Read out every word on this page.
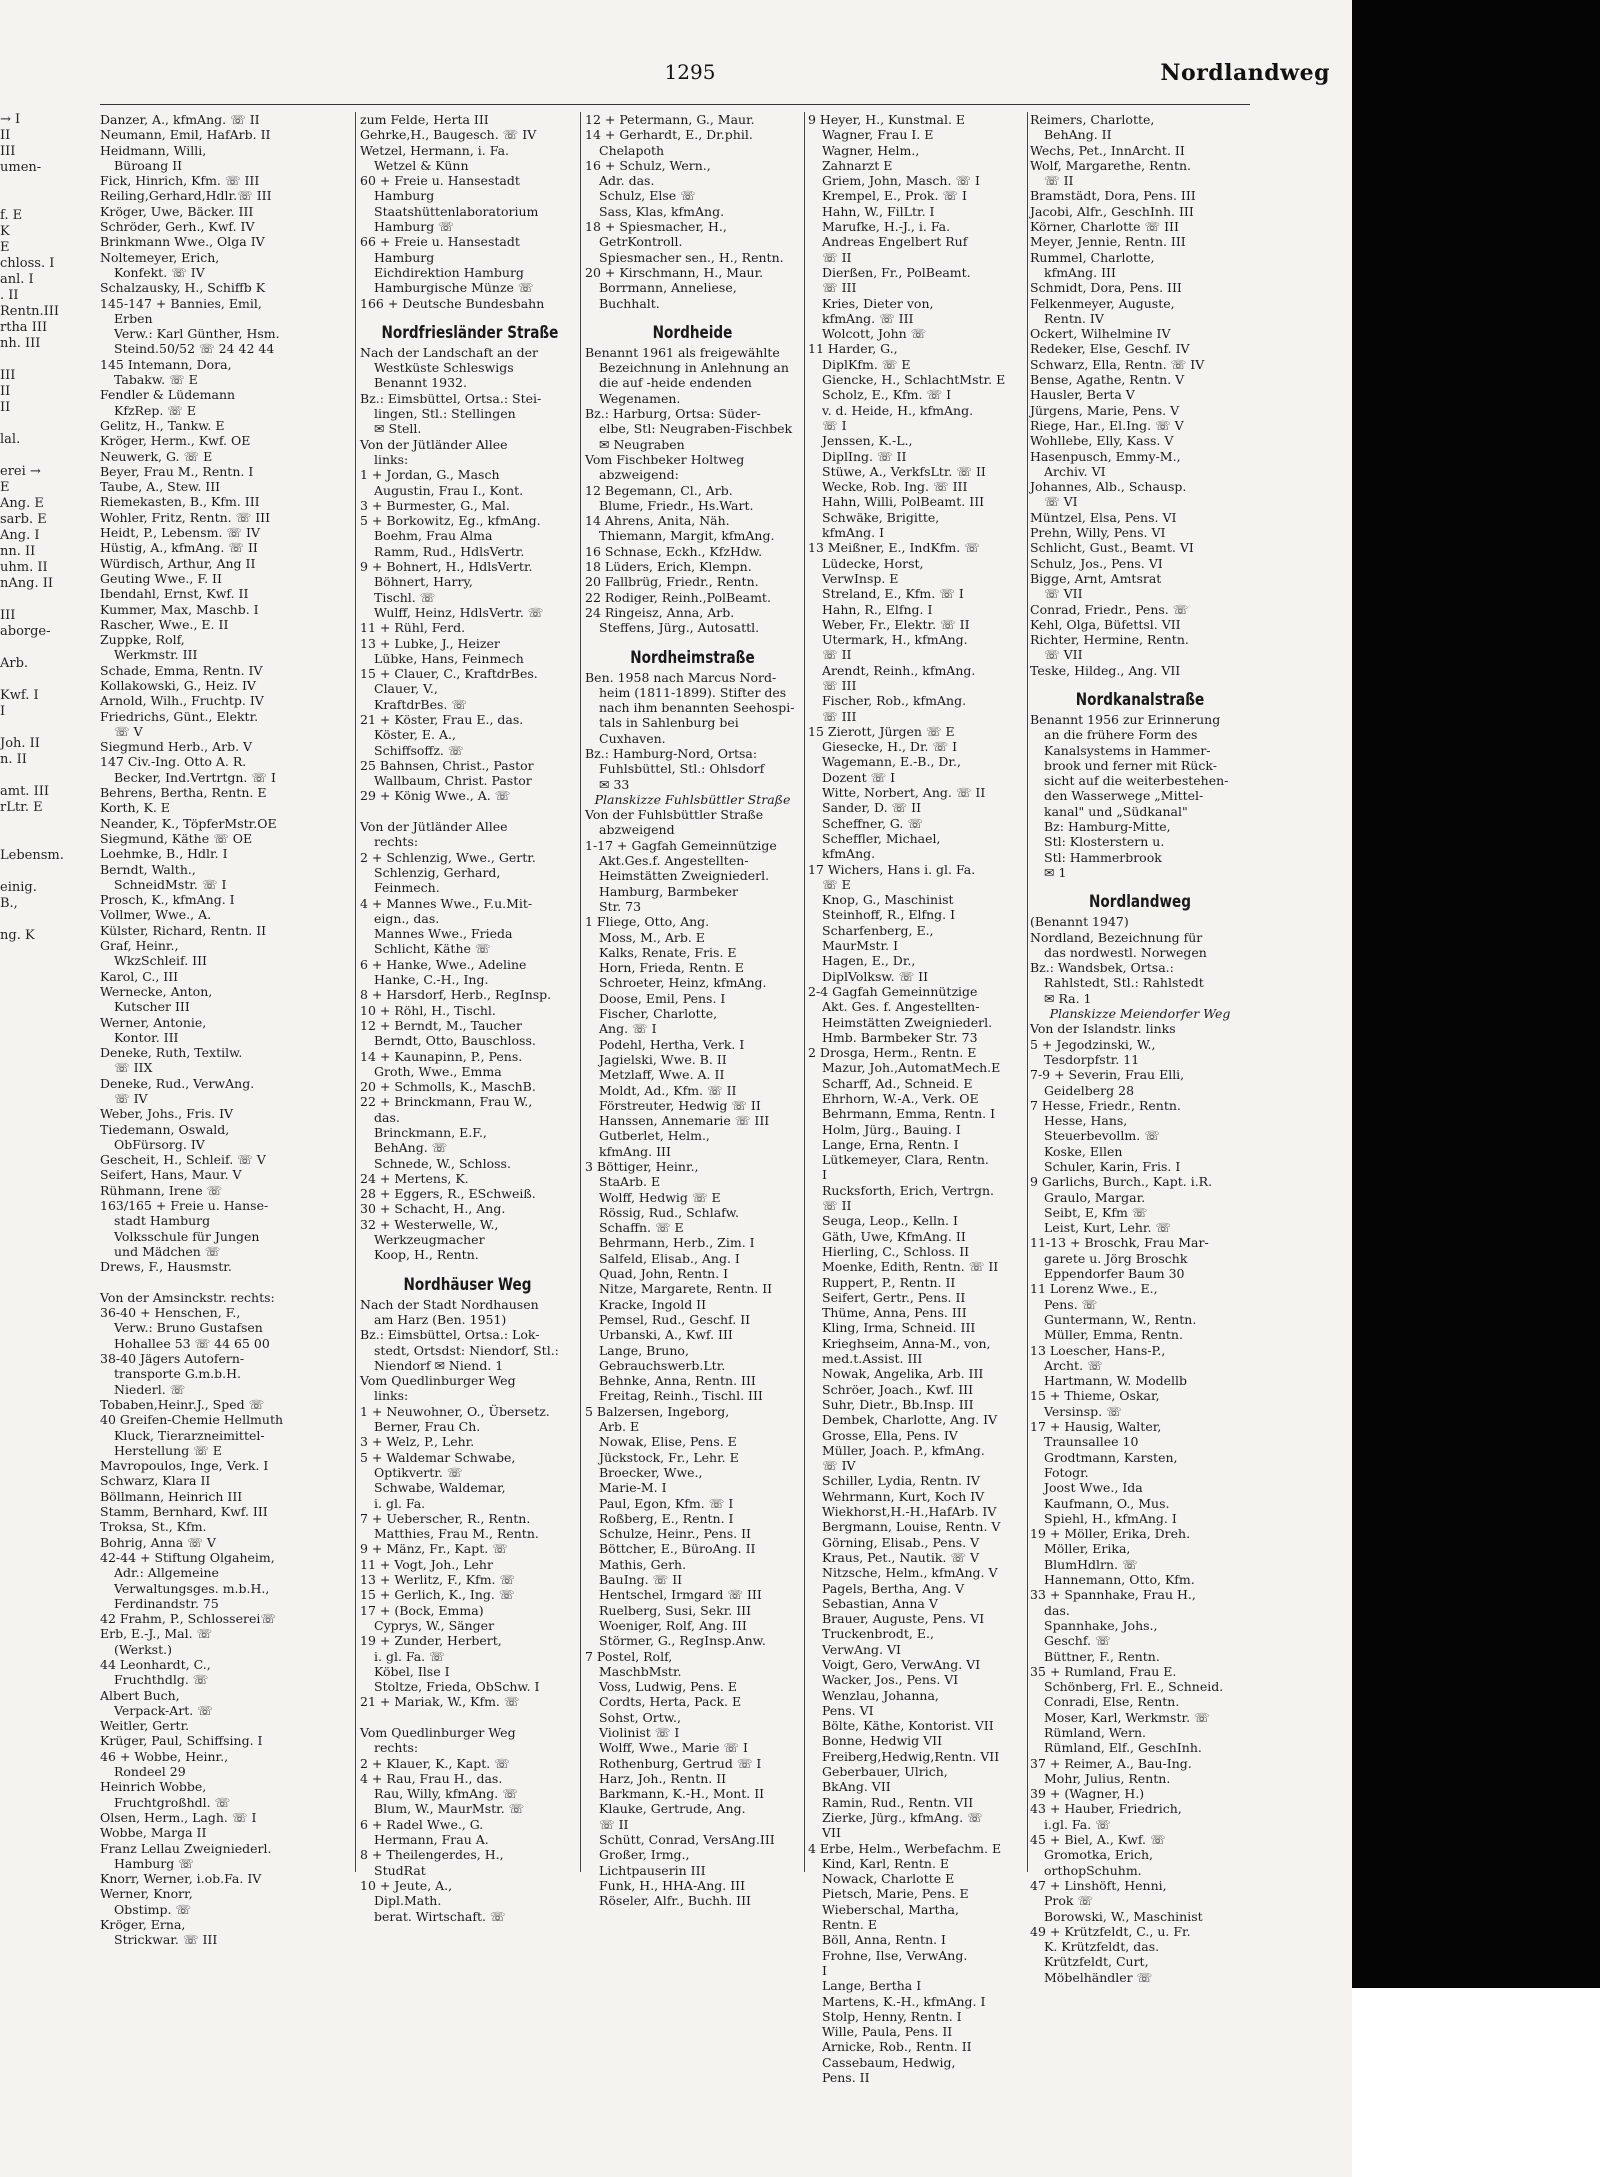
1295	Nordlandweg
→ I
II
III
umen-

f. E
K
E
chloss. I
anl. I
. II
Rentn.III
rtha III
nh. III

III
II
II

lal.

erei →
E
Ang. E
sarb. E
Ang. I
nn. II
uhm. II
nAng. II

III
aborge-

Arb.

Kwf. I
I

Joh. II
n. II

amt. III
rLtr. E

Lebensm.

einig.
B.,

ng. K
Danzer, A., kfmAng. ☏ II
Neumann, Emil, HafArb. II
Heidmann, Willi,
Büroang II
Fick, Hinrich, Kfm. ☏ III
Reiling,Gerhard,Hdlr.☏ III
Kröger, Uwe, Bäcker. III
Schröder, Gerh., Kwf. IV
Brinkmann Wwe., Olga IV
Noltemeyer, Erich,
Konfekt. ☏ IV
Schalzausky, H., Schiffb K
145-147 + Bannies, Emil,
Erben
Verw.: Karl Günther, Hsm.
Steind.50/52 ☏ 24 42 44
145 Intemann, Dora,
Tabakw. ☏ E
Fendler & Lüdemann
KfzRep. ☏ E
Gelitz, H., Tankw. E
Kröger, Herm., Kwf. OE
Neuwerk, G. ☏ E
Beyer, Frau M., Rentn. I
Taube, A., Stew. III
Riemekasten, B., Kfm. III
Wohler, Fritz, Rentn. ☏ III
Heidt, P., Lebensm. ☏ IV
Hüstig, A., kfmAng. ☏ II
Würdisch, Arthur, Ang II
Geuting Wwe., F. II
Ibendahl, Ernst, Kwf. II
Kummer, Max, Maschb. I
Rascher, Wwe., E. II
Zuppke, Rolf,
Werkmstr. III
Schade, Emma, Rentn. IV
Kollakowski, G., Heiz. IV
Arnold, Wilh., Fruchtp. IV
Friedrichs, Günt., Elektr.
☏ V
Siegmund Herb., Arb. V
147 Civ.-Ing. Otto A. R.
Becker, Ind.Vertrtgn. ☏ I
Behrens, Bertha, Rentn. E
Korth, K. E
Neander, K., TöpferMstr.OE
Siegmund, Käthe ☏ OE
Loehmke, B., Hdlr. I
Berndt, Walth.,
SchneidMstr. ☏ I
Prosch, K., kfmAng. I
Vollmer, Wwe., A.
Külster, Richard, Rentn. II
Graf, Heinr.,
WkzSchleif. III
Karol, C., III
Wernecke, Anton,
Kutscher III
Werner, Antonie,
Kontor. III
Deneke, Ruth, Textilw.
☏ IIX
Deneke, Rud., VerwAng.
☏ IV
Weber, Johs., Fris. IV
Tiedemann, Oswald,
ObFürsorg. IV
Gescheit, H., Schleif. ☏ V
Seifert, Hans, Maur. V
Rühmann, Irene ☏
163/165 + Freie u. Hanse-
stadt Hamburg
Volksschule für Jungen
und Mädchen ☏
Drews, F., Hausmstr.

Von der Amsinckstr. rechts:
36-40 + Henschen, F.,
Verw.: Bruno Gustafsen
Hohallee 53 ☏ 44 65 00
38-40 Jägers Autofern-
transporte G.m.b.H.
Niederl. ☏
Tobaben,Heinr.J., Sped ☏
40 Greifen-Chemie Hellmuth
Kluck, Tierarzneimittel-
Herstellung ☏ E
Mavropoulos, Inge, Verk. I
Schwarz, Klara II
Böllmann, Heinrich III
Stamm, Bernhard, Kwf. III
Troksa, St., Kfm.
Bohrig, Anna ☏ V
42-44 + Stiftung Olgaheim,
Adr.: Allgemeine
Verwaltungsges. m.b.H.,
Ferdinandstr. 75
42 Frahm, P., Schlosserei☏
Erb, E.-J., Mal. ☏
(Werkst.)
44 Leonhardt, C.,
Fruchthdlg. ☏
Albert Buch,
Verpack-Art. ☏
Weitler, Gertr.
Krüger, Paul, Schiffsing. I
46 + Wobbe, Heinr.,
Rondeel 29
Heinrich Wobbe,
Fruchtgroßhdl. ☏
Olsen, Herm., Lagh. ☏ I
Wobbe, Marga II
Franz Lellau Zweigniederl.
Hamburg ☏
Knorr, Werner, i.ob.Fa. IV
Werner, Knorr,
Obstimp. ☏
Kröger, Erna,
Strickwar. ☏ III
zum Felde, Herta III
Gehrke,H., Baugesch. ☏ IV
Wetzel, Hermann, i. Fa.
Wetzel & Künn
60 + Freie u. Hansestadt
Hamburg
Staatshüttenlaboratorium
Hamburg ☏
66 + Freie u. Hansestadt
Hamburg
Eichdirektion Hamburg
Hamburgische Münze ☏
166 + Deutsche Bundesbahn
Nordfriesländer Straße
Nach der Landschaft an der
Westküste Schleswigs
Benannt 1932.
Bz.: Eimsbüttel, Ortsa.: Stei-
lingen, Stl.: Stellingen
✉ Stell.
Von der Jütländer Allee
links:
1 + Jordan, G., Masch
Augustin, Frau I., Kont.
3 + Burmester, G., Mal.
5 + Borkowitz, Eg., kfmAng.
Boehm, Frau Alma
Ramm, Rud., HdlsVertr.
9 + Bohnert, H., HdlsVertr.
Böhnert, Harry,
Tischl. ☏
Wulff, Heinz, HdlsVertr. ☏
11 + Rühl, Ferd.
13 + Lubke, J., Heizer
Lübke, Hans, Feinmech
15 + Clauer, C., KraftdrBes.
Clauer, V.,
KraftdrBes. ☏
21 + Köster, Frau E., das.
Köster, E. A.,
Schiffsoffz. ☏
25 Bahnsen, Christ., Pastor
Wallbaum, Christ. Pastor
29 + König Wwe., A. ☏

Von der Jütländer Allee
rechts:
2 + Schlenzig, Wwe., Gertr.
Schlenzig, Gerhard,
Feinmech.
4 + Mannes Wwe., F.u.Mit-
eign., das.
Mannes Wwe., Frieda
Schlicht, Käthe ☏
6 + Hanke, Wwe., Adeline
Hanke, C.-H., Ing.
8 + Harsdorf, Herb., RegInsp.
10 + Röhl, H., Tischl.
12 + Berndt, M., Taucher
Berndt, Otto, Bauschloss.
14 + Kaunapinn, P., Pens.
Groth, Wwe., Emma
20 + Schmolls, K., MaschB.
22 + Brinckmann, Frau W.,
das.
Brinckmann, E.F.,
BehAng. ☏
Schnede, W., Schloss.
24 + Mertens, K.
28 + Eggers, R., ESchweiß.
30 + Schacht, H., Ang.
32 + Westerwelle, W.,
Werkzeugmacher
Koop, H., Rentn.
Nordhäuser Weg
Nach der Stadt Nordhausen
am Harz (Ben. 1951)
Bz.: Eimsbüttel, Ortsa.: Lok-
stedt, Ortsdst: Niendorf, Stl.:
Niendorf ✉ Niend. 1
Vom Quedlinburger Weg
links:
1 + Neuwohner, O., Übersetz.
Berner, Frau Ch.
3 + Welz, P., Lehr.
5 + Waldemar Schwabe,
Optikvertr. ☏
Schwabe, Waldemar,
i. gl. Fa.
7 + Ueberscher, R., Rentn.
Matthies, Frau M., Rentn.
9 + Mänz, Fr., Kapt. ☏
11 + Vogt, Joh., Lehr
13 + Werlitz, F., Kfm. ☏
15 + Gerlich, K., Ing. ☏
17 + (Bock, Emma)
Cyprys, W., Sänger
19 + Zunder, Herbert,
i. gl. Fa. ☏
Köbel, Ilse I
Stoltze, Frieda, ObSchw. I
21 + Mariak, W., Kfm. ☏

Vom Quedlinburger Weg
rechts:
2 + Klauer, K., Kapt. ☏
4 + Rau, Frau H., das.
Rau, Willy, kfmAng. ☏
Blum, W., MaurMstr. ☏
6 + Radel Wwe., G.
Hermann, Frau A.
8 + Theilengerdes, H.,
StudRat
10 + Jeute, A.,
Dipl.Math.
berat. Wirtschaft. ☏
12 + Petermann, G., Maur.
14 + Gerhardt, E., Dr.phil.
Chelapoth
16 + Schulz, Wern.,
Adr. das.
Schulz, Else ☏
Sass, Klas, kfmAng.
18 + Spiesmacher, H.,
GetrKontroll.
Spiesmacher sen., H., Rentn.
20 + Kirschmann, H., Maur.
Borrmann, Anneliese,
Buchhalt.
Nordheide
Benannt 1961 als freigewählte
Bezeichnung in Anlehnung an
die auf -heide endenden
Wegenamen.
Bz.: Harburg, Ortsa: Süder-
elbe, Stl: Neugraben-Fischbek
✉ Neugraben
Vom Fischbeker Holtweg
abzweigend:
12 Begemann, Cl., Arb.
Blume, Friedr., Hs.Wart.
14 Ahrens, Anita, Näh.
Thiemann, Margit, kfmAng.
16 Schnase, Eckh., KfzHdw.
18 Lüders, Erich, Klempn.
20 Fallbrüg, Friedr., Rentn.
22 Rodiger, Reinh.,PolBeamt.
24 Ringeisz, Anna, Arb.
Steffens, Jürg., Autosattl.
Nordheimstraße
Ben. 1958 nach Marcus Nord-
heim (1811-1899). Stifter des
nach ihm benannten Seehospi-
tals in Sahlenburg bei
Cuxhaven.
Bz.: Hamburg-Nord, Ortsa:
Fuhlsbüttel, Stl.: Ohlsdorf
✉ 33
Planskizze Fuhlsbüttler Straße
Von der Fuhlsbüttler Straße
abzweigend
1-17 + Gagfah Gemeinnützige
Akt.Ges.f. Angestellten-
Heimstätten Zweigniederl.
Hamburg, Barmbeker
Str. 73
1 Fliege, Otto, Ang.
Moss, M., Arb. E
Kalks, Renate, Fris. E
Horn, Frieda, Rentn. E
Schroeter, Heinz, kfmAng.
Doose, Emil, Pens. I
Fischer, Charlotte,
Ang. ☏ I
Podehl, Hertha, Verk. I
Jagielski, Wwe. B. II
Metzlaff, Wwe. A. II
Moldt, Ad., Kfm. ☏ II
Förstreuter, Hedwig ☏ II
Hanssen, Annemarie ☏ III
Gutberlet, Helm.,
kfmAng. III
3 Böttiger, Heinr.,
StaArb. E
Wolff, Hedwig ☏ E
Rössig, Rud., Schlafw.
Schaffn. ☏ E
Behrmann, Herb., Zim. I
Salfeld, Elisab., Ang. I
Quad, John, Rentn. I
Nitze, Margarete, Rentn. II
Kracke, Ingold II
Pemsel, Rud., Geschf. II
Urbanski, A., Kwf. III
Lange, Bruno,
Gebrauchswerb.Ltr.
Behnke, Anna, Rentn. III
Freitag, Reinh., Tischl. III
5 Balzersen, Ingeborg,
Arb. E
Nowak, Elise, Pens. E
Jückstock, Fr., Lehr. E
Broecker, Wwe.,
Marie-M. I
Paul, Egon, Kfm. ☏ I
Roßberg, E., Rentn. I
Schulze, Heinr., Pens. II
Böttcher, E., BüroAng. II
Mathis, Gerh.
BauIng. ☏ II
Hentschel, Irmgard ☏ III
Ruelberg, Susi, Sekr. III
Woeniger, Rolf, Ang. III
Störmer, G., RegInsp.Anw.
7 Postel, Rolf,
MaschbMstr.
Voss, Ludwig, Pens. E
Cordts, Herta, Pack. E
Sohst, Ortw.,
Violinist ☏ I
Wolff, Wwe., Marie ☏ I
Rothenburg, Gertrud ☏ I
Harz, Joh., Rentn. II
Barkmann, K.-H., Mont. II
Klauke, Gertrude, Ang.
☏ II
Schütt, Conrad, VersAng.III
Großer, Irmg.,
Lichtpauserin III
Funk, H., HHA-Ang. III
Röseler, Alfr., Buchh. III
9 Heyer, H., Kunstmal. E
Wagner, Frau I. E
Wagner, Helm.,
Zahnarzt E
Griem, John, Masch. ☏ I
Krempel, E., Prok. ☏ I
Hahn, W., FilLtr. I
Marufke, H.-J., i. Fa.
Andreas Engelbert Ruf
☏ II
Dierßen, Fr., PolBeamt.
☏ III
Kries, Dieter von,
kfmAng. ☏ III
Wolcott, John ☏
11 Harder, G.,
DiplKfm. ☏ E
Giencke, H., SchlachtMstr. E
Scholz, E., Kfm. ☏ I
v. d. Heide, H., kfmAng.
☏ I
Jenssen, K.-L.,
DiplIng. ☏ II
Stüwe, A., VerkfsLtr. ☏ II
Wecke, Rob. Ing. ☏ III
Hahn, Willi, PolBeamt. III
Schwäke, Brigitte,
kfmAng. I
13 Meißner, E., IndKfm. ☏
Lüdecke, Horst,
VerwInsp. E
Streland, E., Kfm. ☏ I
Hahn, R., Elfng. I
Weber, Fr., Elektr. ☏ II
Utermark, H., kfmAng.
☏ II
Arendt, Reinh., kfmAng.
☏ III
Fischer, Rob., kfmAng.
☏ III
15 Zierott, Jürgen ☏ E
Giesecke, H., Dr. ☏ I
Wagemann, E.-B., Dr.,
Dozent ☏ I
Witte, Norbert, Ang. ☏ II
Sander, D. ☏ II
Scheffner, G. ☏
Scheffler, Michael,
kfmAng.
17 Wichers, Hans i. gl. Fa.
☏ E
Knop, G., Maschinist
Steinhoff, R., Elfng. I
Scharfenberg, E.,
MaurMstr. I
Hagen, E., Dr.,
DiplVolksw. ☏ II
2-4 Gagfah Gemeinnützige
Akt. Ges. f. Angestellten-
Heimstätten Zweigniederl.
Hmb. Barmbeker Str. 73
2 Drosga, Herm., Rentn. E
Mazur, Joh.,AutomatMech.E
Scharff, Ad., Schneid. E
Ehrhorn, W.-A., Verk. OE
Behrmann, Emma, Rentn. I
Holm, Jürg., Bauing. I
Lange, Erna, Rentn. I
Lütkemeyer, Clara, Rentn.
I
Rucksforth, Erich, Vertrgn.
☏ II
Seuga, Leop., Kelln. I
Gäth, Uwe, KfmAng. II
Hierling, C., Schloss. II
Moenke, Edith, Rentn. ☏ II
Ruppert, P., Rentn. II
Seifert, Gertr., Pens. II
Thüme, Anna, Pens. III
Kling, Irma, Schneid. III
Krieghseim, Anna-M., von,
med.t.Assist. III
Nowak, Angelika, Arb. III
Schröer, Joach., Kwf. III
Suhr, Dietr., Bb.Insp. III
Dembek, Charlotte, Ang. IV
Grosse, Ella, Pens. IV
Müller, Joach. P., kfmAng.
☏ IV
Schiller, Lydia, Rentn. IV
Wehrmann, Kurt, Koch IV
Wiekhorst,H.-H.,HafArb. IV
Bergmann, Louise, Rentn. V
Görning, Elisab., Pens. V
Kraus, Pet., Nautik. ☏ V
Nitzsche, Helm., kfmAng. V
Pagels, Bertha, Ang. V
Sebastian, Anna V
Brauer, Auguste, Pens. VI
Truckenbrodt, E.,
VerwAng. VI
Voigt, Gero, VerwAng. VI
Wacker, Jos., Pens. VI
Wenzlau, Johanna,
Pens. VI
Bölte, Käthe, Kontorist. VII
Bonne, Hedwig VII
Freiberg,Hedwig,Rentn. VII
Geberbauer, Ulrich,
BkAng. VII
Ramin, Rud., Rentn. VII
Zierke, Jürg., kfmAng. ☏
VII
4 Erbe, Helm., Werbefachm. E
Kind, Karl, Rentn. E
Nowack, Charlotte E
Pietsch, Marie, Pens. E
Wieberschal, Martha,
Rentn. E
Böll, Anna, Rentn. I
Frohne, Ilse, VerwAng.
I
Lange, Bertha I
Martens, K.-H., kfmAng. I
Stolp, Henny, Rentn. I
Wille, Paula, Pens. II
Arnicke, Rob., Rentn. II
Cassebaum, Hedwig,
Pens. II
Reimers, Charlotte,
BehAng. II
Wechs, Pet., InnArcht. II
Wolf, Margarethe, Rentn.
☏ II
Bramstädt, Dora, Pens. III
Jacobi, Alfr., GeschInh. III
Körner, Charlotte ☏ III
Meyer, Jennie, Rentn. III
Rummel, Charlotte,
kfmAng. III
Schmidt, Dora, Pens. III
Felkenmeyer, Auguste,
Rentn. IV
Ockert, Wilhelmine IV
Redeker, Else, Geschf. IV
Schwarz, Ella, Rentn. ☏ IV
Bense, Agathe, Rentn. V
Hausler, Berta V
Jürgens, Marie, Pens. V
Riege, Har., El.Ing. ☏ V
Wohllebe, Elly, Kass. V
Hasenpusch, Emmy-M.,
Archiv. VI
Johannes, Alb., Schausp.
☏ VI
Müntzel, Elsa, Pens. VI
Prehn, Willy, Pens. VI
Schlicht, Gust., Beamt. VI
Schulz, Jos., Pens. VI
Bigge, Arnt, Amtsrat
☏ VII
Conrad, Friedr., Pens. ☏
Kehl, Olga, Büfettsl. VII
Richter, Hermine, Rentn.
☏ VII
Teske, Hildeg., Ang. VII
Nordkanalstraße
Benannt 1956 zur Erinnerung
an die frühere Form des
Kanalsystems in Hammer-
brook und ferner mit Rück-
sicht auf die weiterbestehen-
den Wasserwege „Mittel-
kanal" und „Südkanal"
Bz: Hamburg-Mitte,
Stl: Klosterstern u.
Stl: Hammerbrook
✉ 1
Nordlandweg
(Benannt 1947)
Nordland, Bezeichnung für
das nordwestl. Norwegen
Bz.: Wandsbek, Ortsa.:
Rahlstedt, Stl.: Rahlstedt
✉ Ra. 1
Planskizze Meiendorfer Weg
Von der Islandstr. links
5 + Jegodzinski, W.,
Tesdorpfstr. 11
7-9 + Severin, Frau Elli,
Geidelberg 28
7 Hesse, Friedr., Rentn.
Hesse, Hans,
Steuerbevollm. ☏
Koske, Ellen
Schuler, Karin, Fris. I
9 Garlichs, Burch., Kapt. i.R.
Graulo, Margar.
Seibt, E, Kfm ☏
Leist, Kurt, Lehr. ☏
11-13 + Broschk, Frau Mar-
garete u. Jörg Broschk
Eppendorfer Baum 30
11 Lorenz Wwe., E.,
Pens. ☏
Guntermann, W., Rentn.
Müller, Emma, Rentn.
13 Loescher, Hans-P.,
Archt. ☏
Hartmann, W. Modellb
15 + Thieme, Oskar,
Versinsp. ☏
17 + Hausig, Walter,
Traunsallee 10
Grodtmann, Karsten,
Fotogr.
Joost Wwe., Ida
Kaufmann, O., Mus.
Spiehl, H., kfmAng. I
19 + Möller, Erika, Dreh.
Möller, Erika,
BlumHdlrn. ☏
Hannemann, Otto, Kfm.
33 + Spannhake, Frau H.,
das.
Spannhake, Johs.,
Geschf. ☏
Büttner, F., Rentn.
35 + Rumland, Frau E.
Schönberg, Frl. E., Schneid.
Conradi, Else, Rentn.
Moser, Karl, Werkmstr. ☏
Rümland, Wern.
Rümland, Elf., GeschInh.
37 + Reimer, A., Bau-Ing.
Mohr, Julius, Rentn.
39 + (Wagner, H.)
43 + Hauber, Friedrich,
i.gl. Fa. ☏
45 + Biel, A., Kwf. ☏
Gromotka, Erich,
orthopSchuhm.
47 + Linshöft, Henni,
Prok ☏
Borowski, W., Maschinist
49 + Krützfeldt, C., u. Fr.
K. Krützfeldt, das.
Krützfeldt, Curt,
Möbelhändler ☏
